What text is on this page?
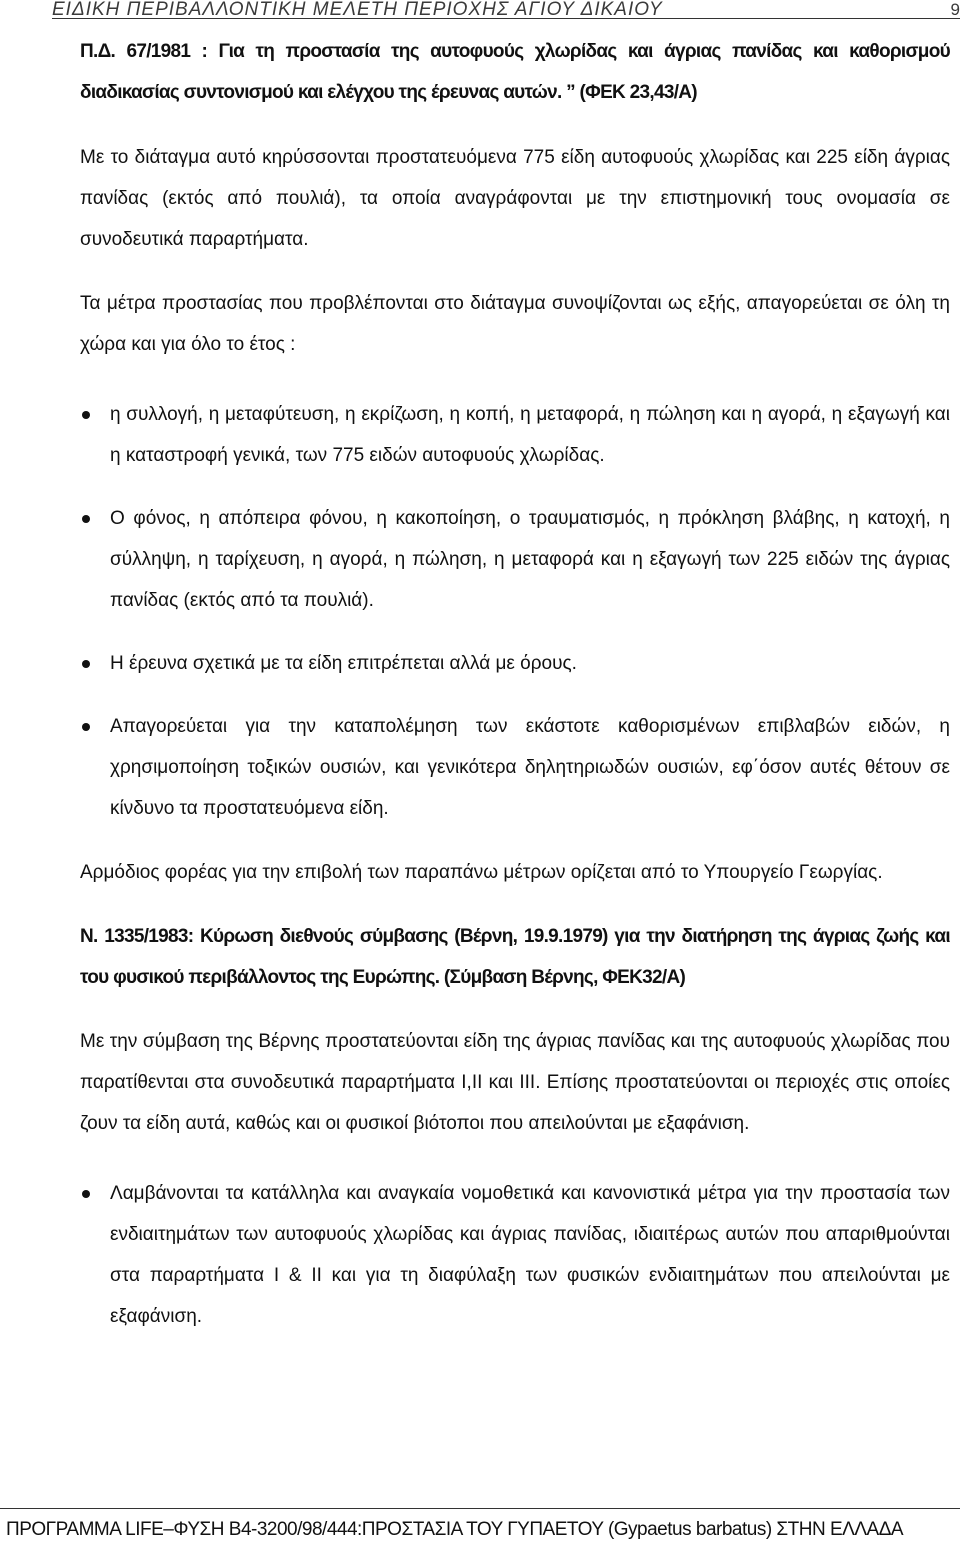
ΕΙΔΙΚΗ ΠΕΡΙΒΑΛΛΟΝΤΙΚΗ ΜΕΛΕΤΗ ΠΕΡΙΟΧΗΣ ΑΓΙΟΥ ΔΙΚΑΙΟΥ	9

Π.Δ. 67/1981 : Για τη προστασία της αυτοφυούς χλωρίδας και άγριας πανίδας και καθορισμού διαδικασίας συντονισμού και ελέγχου της έρευνας αυτών. ” (ΦΕΚ 23,43/Α)

Με το διάταγμα αυτό κηρύσσονται προστατευόμενα 775 είδη αυτοφυούς χλωρίδας και 225 είδη άγριας πανίδας (εκτός από πουλιά), τα οποία αναγράφονται με την επιστημονική τους ονομασία σε συνοδευτικά παραρτήματα.

Τα μέτρα προστασίας που προβλέπονται στο διάταγμα συνοψίζονται ως εξής, απαγορεύεται σε όλη τη χώρα και για όλο το έτος :

η συλλογή, η μεταφύτευση, η εκρίζωση, η κοπή, η μεταφορά, η πώληση και η αγορά, η εξαγωγή και η καταστροφή γενικά, των 775 ειδών αυτοφυούς χλωρίδας.

Ο φόνος, η απόπειρα φόνου, η κακοποίηση, ο τραυματισμός, η πρόκληση βλάβης, η κατοχή, η σύλληψη, η ταρίχευση, η αγορά, η πώληση, η μεταφορά και η εξαγωγή των 225 ειδών της άγριας πανίδας (εκτός από τα πουλιά).

Η έρευνα σχετικά με τα είδη επιτρέπεται αλλά με όρους.

Απαγορεύεται για την καταπολέμηση των εκάστοτε καθορισμένων επιβλαβών ειδών, η χρησιμοποίηση τοξικών ουσιών, και γενικότερα δηλητηριωδών ουσιών, εφ΄όσον αυτές θέτουν σε κίνδυνο τα προστατευόμενα είδη.

Αρμόδιος φορέας για την επιβολή των παραπάνω μέτρων ορίζεται από το Υπουργείο Γεωργίας.

Ν. 1335/1983: Κύρωση διεθνούς σύμβασης (Βέρνη, 19.9.1979) για την διατήρηση της άγριας ζωής και του φυσικού περιβάλλοντος της Ευρώπης. (Σύμβαση Βέρνης, ΦΕΚ32/Α)

Με την σύμβαση της Βέρνης προστατεύονται είδη της άγριας πανίδας και της αυτοφυούς χλωρίδας που παρατίθενται στα συνοδευτικά παραρτήματα Ι,ΙΙ και ΙΙΙ. Επίσης προστατεύονται οι περιοχές στις οποίες ζουν τα είδη αυτά, καθώς και οι φυσικοί βιότοποι που απειλούνται με εξαφάνιση.

Λαμβάνονται τα κατάλληλα και αναγκαία νομοθετικά και κανονιστικά μέτρα για την προστασία των ενδιαιτημάτων των αυτοφυούς χλωρίδας και άγριας πανίδας, ιδιαιτέρως αυτών που απαριθμούνται στα παραρτήματα Ι & ΙΙ και για τη διαφύλαξη των φυσικών ενδιαιτημάτων που απειλούνται με εξαφάνιση.

ΠΡΟΓΡΑΜΜΑ LIFE–ΦΥΣΗ Β4-3200/98/444:ΠΡΟΣΤΑΣΙΑ ΤΟΥ ΓΥΠΑΕΤΟΥ (Gypaetus barbatus) ΣΤΗΝ ΕΛΛΑΔΑ
